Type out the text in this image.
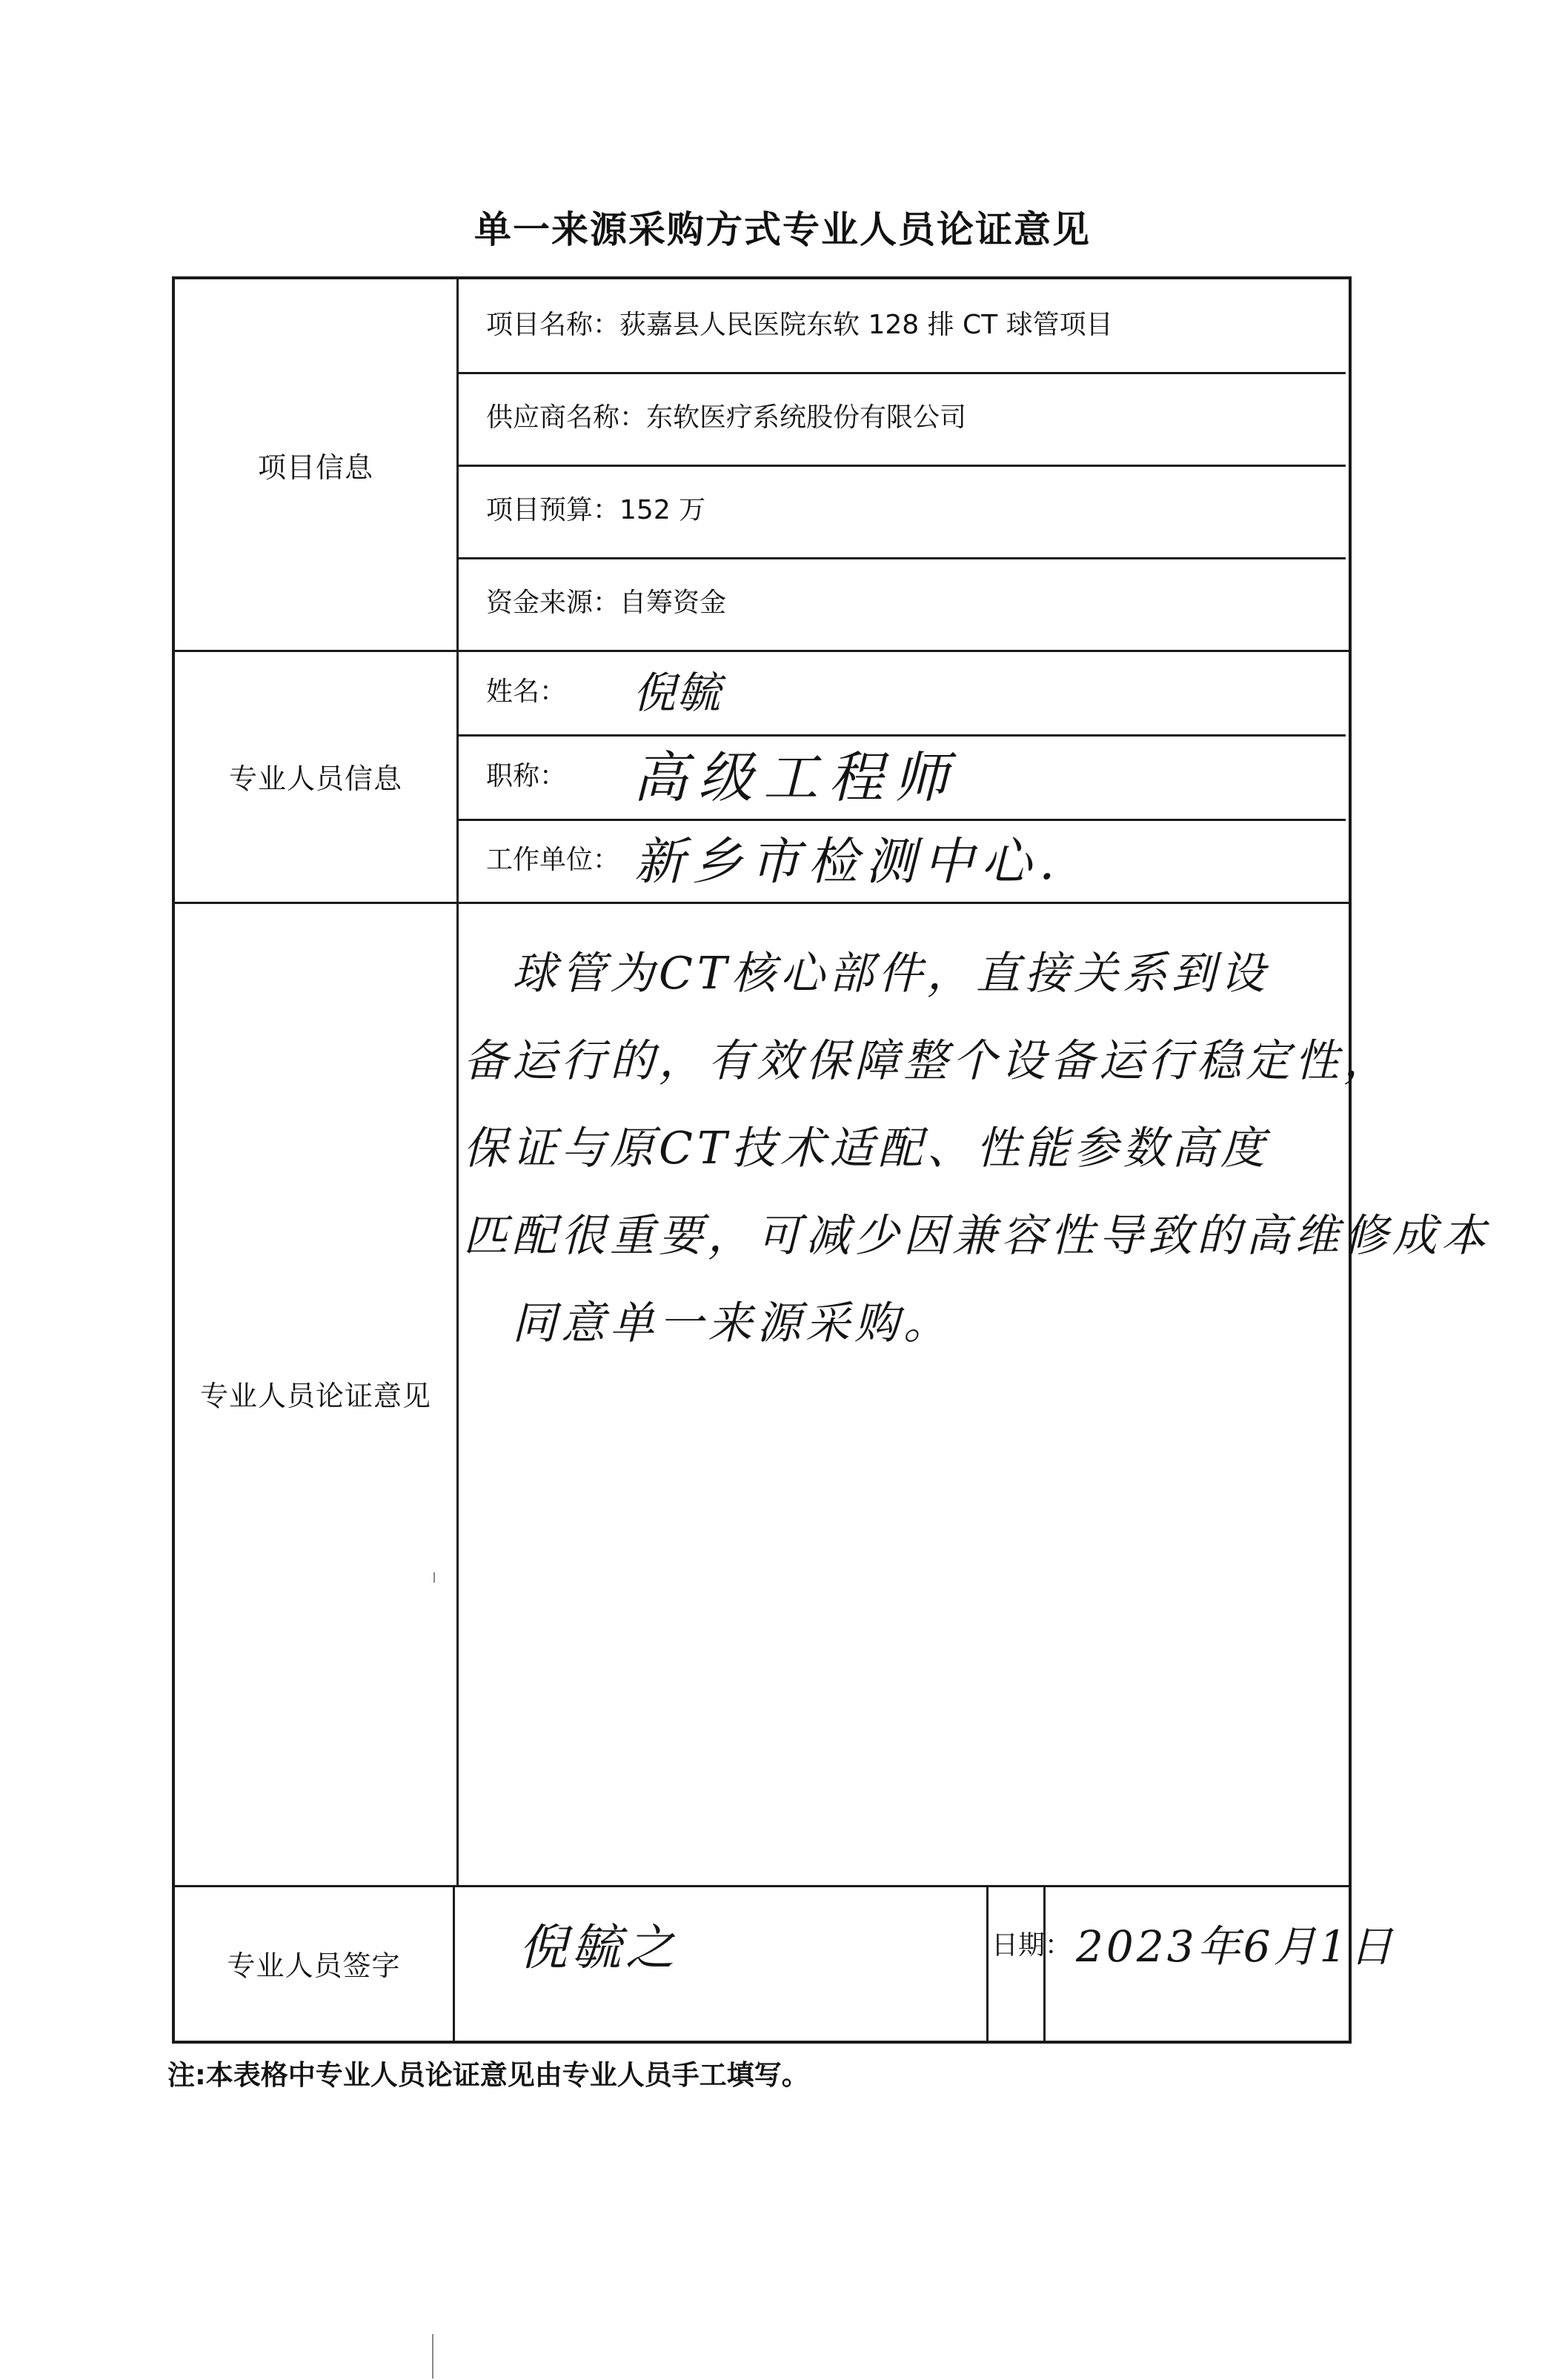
单一来源采购方式专业人员论证意见
项目信息
专业人员信息
专业人员论证意见
专业人员签字
项目名称： 荻嘉县人民医院东软 128 排 CT 球管项目
供应商名称： 东软医疗系统股份有限公司
项目预算： 152 万
资金来源： 自筹资金
姓名： 倪毓
职称： 高级工程师
工作单位： 新乡市检测中心.
　球管为CT核心部件，直接关系到设
备运行的，有效保障整个设备运行稳定性，
保证与原CT技术适配、性能参数高度
匹配很重要，可减少因兼容性导致的高维修成本
　同意单一来源采购。
倪毓之	日期： 2023年6月1日
注:本表格中专业人员论证意见由专业人员手工填写。
